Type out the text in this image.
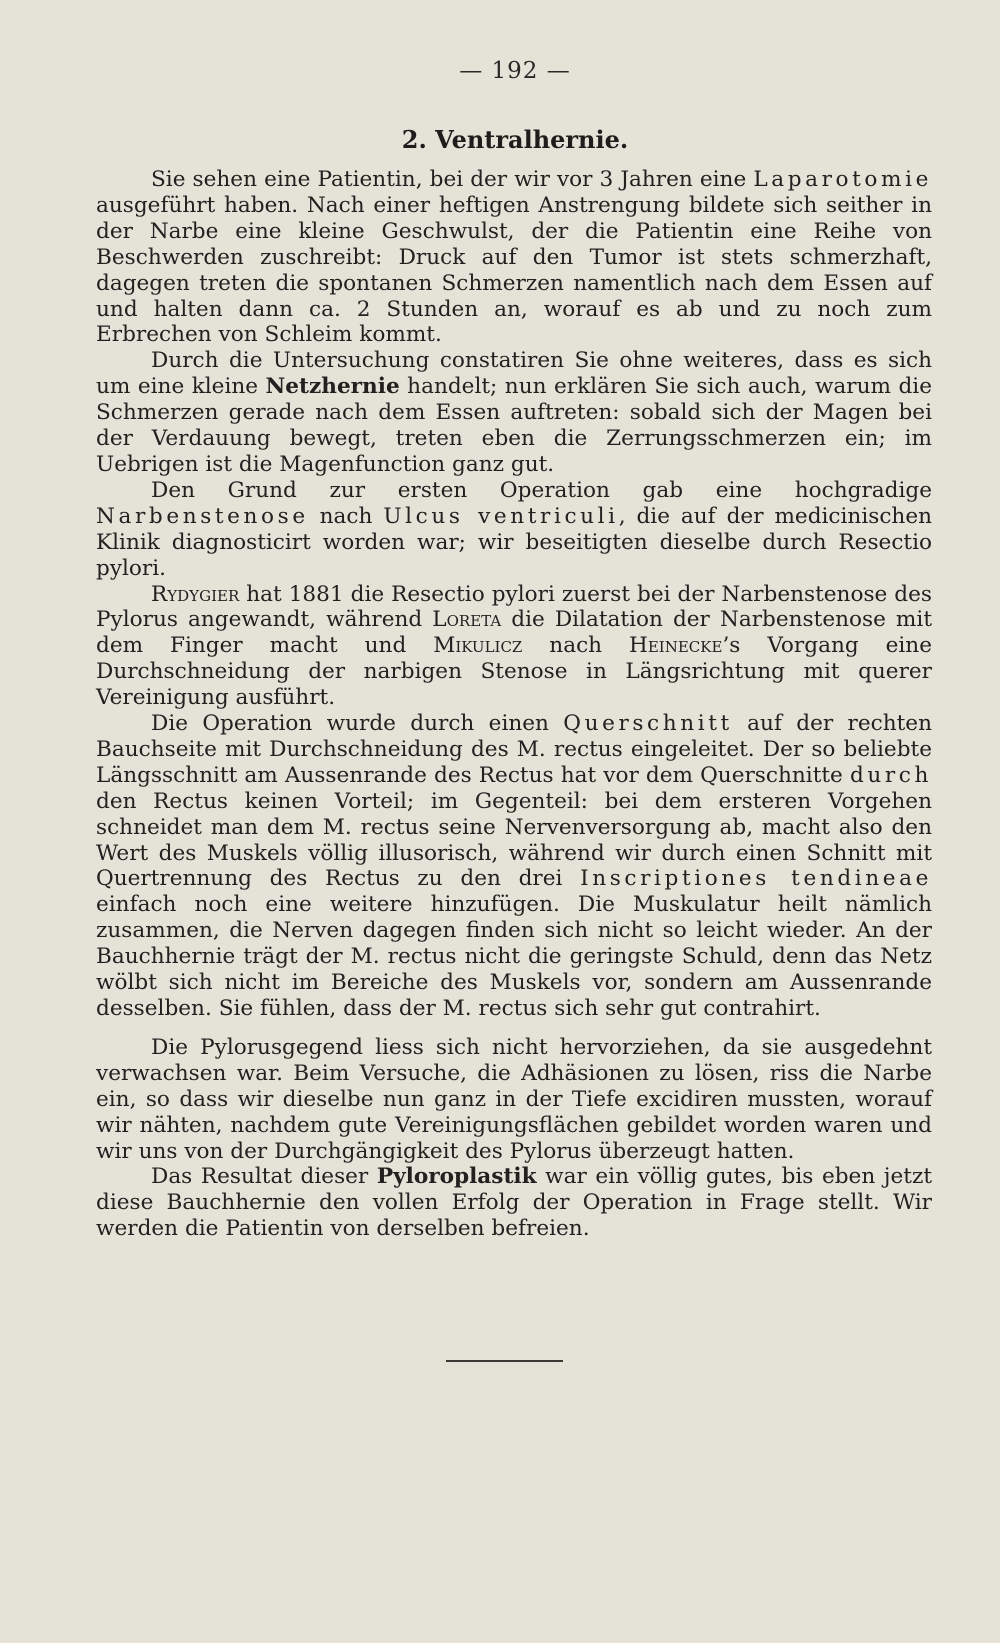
— 192 —
2. Ventralhernie.

Sie sehen eine Patientin, bei der wir vor 3 Jahren eine Laparotomie ausgeführt haben. Nach einer heftigen Anstrengung bildete sich seither in der Narbe eine kleine Geschwulst, der die Patientin eine Reihe von Beschwerden zuschreibt: Druck auf den Tumor ist stets schmerzhaft, dagegen treten die spontanen Schmerzen namentlich nach dem Essen auf und halten dann ca. 2 Stunden an, worauf es ab und zu noch zum Erbrechen von Schleim kommt.

Durch die Untersuchung constatiren Sie ohne weiteres, dass es sich um eine kleine Netzhernie handelt; nun erklären Sie sich auch, warum die Schmerzen gerade nach dem Essen auftreten: sobald sich der Magen bei der Verdauung bewegt, treten eben die Zerrungsschmerzen ein; im Uebrigen ist die Magenfunction ganz gut.

Den Grund zur ersten Operation gab eine hochgradige Narbenstenose nach Ulcus ventriculi, die auf der medicinischen Klinik diagnosticirt worden war; wir beseitigten dieselbe durch Resectio pylori.

Rydygier hat 1881 die Resectio pylori zuerst bei der Narbenstenose des Pylorus angewandt, während Loreta die Dilatation der Narbenstenose mit dem Finger macht und Mikulicz nach Heinecke’s Vorgang eine Durchschneidung der narbigen Stenose in Längsrichtung mit querer Vereinigung ausführt.

Die Operation wurde durch einen Querschnitt auf der rechten Bauchseite mit Durchschneidung des M. rectus eingeleitet. Der so beliebte Längsschnitt am Aussenrande des Rectus hat vor dem Querschnitte durch den Rectus keinen Vorteil; im Gegenteil: bei dem ersteren Vorgehen schneidet man dem M. rectus seine Nervenversorgung ab, macht also den Wert des Muskels völlig illusorisch, während wir durch einen Schnitt mit Quertrennung des Rectus zu den drei Inscriptiones tendineae einfach noch eine weitere hinzufügen. Die Muskulatur heilt nämlich zusammen, die Nerven dagegen finden sich nicht so leicht wieder. An der Bauchhernie trägt der M. rectus nicht die geringste Schuld, denn das Netz wölbt sich nicht im Bereiche des Muskels vor, sondern am Aussenrande desselben. Sie fühlen, dass der M. rectus sich sehr gut contrahirt.

Die Pylorusgegend liess sich nicht hervorziehen, da sie ausgedehnt verwachsen war. Beim Versuche, die Adhäsionen zu lösen, riss die Narbe ein, so dass wir dieselbe nun ganz in der Tiefe excidiren mussten, worauf wir nähten, nachdem gute Vereinigungsflächen gebildet worden waren und wir uns von der Durchgängigkeit des Pylorus überzeugt hatten.

Das Resultat dieser Pyloroplastik war ein völlig gutes, bis eben jetzt diese Bauchhernie den vollen Erfolg der Operation in Frage stellt. Wir werden die Patientin von derselben befreien.
